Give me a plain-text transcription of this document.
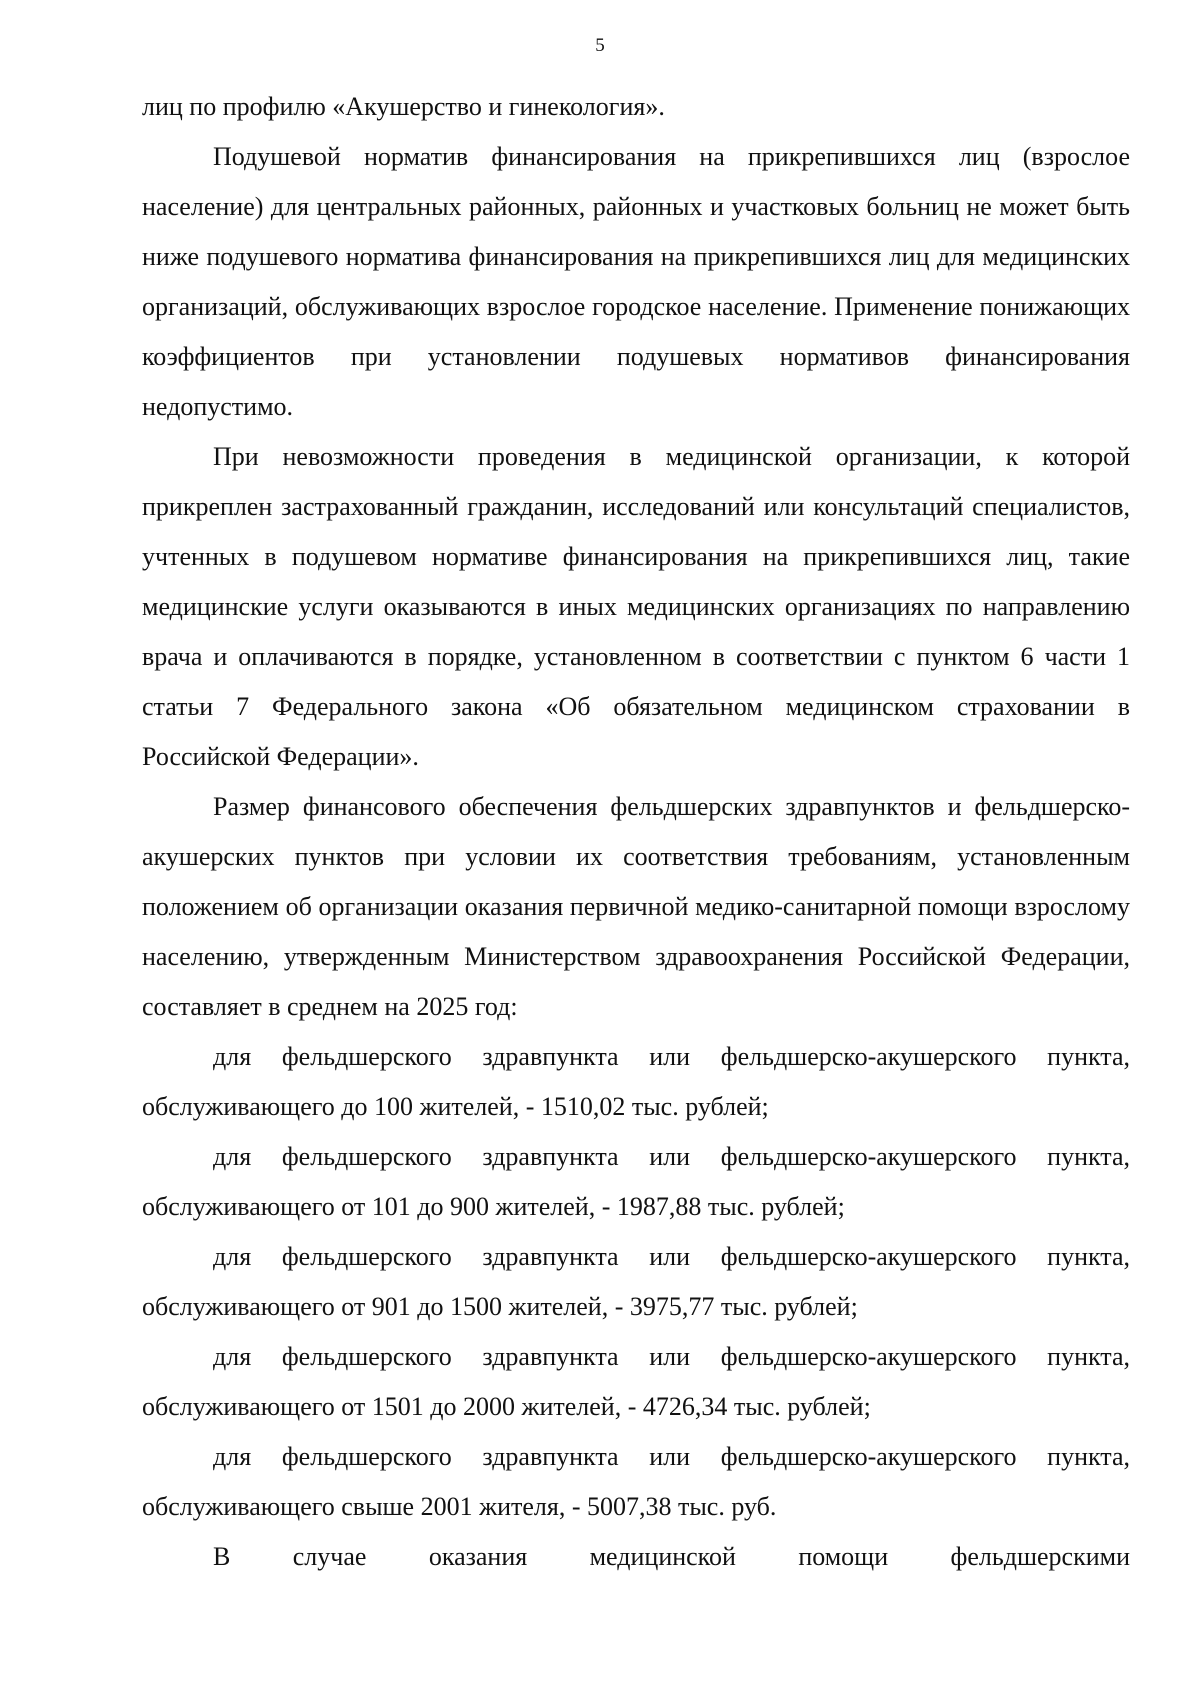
5

лиц по профилю «Акушерство и гинекология».

Подушевой норматив финансирования на прикрепившихся лиц (взрослое население) для центральных районных, районных и участковых больниц не может быть ниже подушевого норматива финансирования на прикрепившихся лиц для медицинских организаций, обслуживающих взрослое городское население. Применение понижающих коэффициентов при установлении подушевых нормативов финансирования недопустимо.

При невозможности проведения в медицинской организации, к которой прикреплен застрахованный гражданин, исследований или консультаций специалистов, учтенных в подушевом нормативе финансирования на прикрепившихся лиц, такие медицинские услуги оказываются в иных медицинских организациях по направлению врача и оплачиваются в порядке, установленном в соответствии с пунктом 6 части 1 статьи 7 Федерального закона «Об обязательном медицинском страховании в Российской Федерации».

Размер финансового обеспечения фельдшерских здравпунктов и фельдшерско-акушерских пунктов при условии их соответствия требованиям, установленным положением об организации оказания первичной медико-санитарной помощи взрослому населению, утвержденным Министерством здравоохранения Российской Федерации, составляет в среднем на 2025 год:

для фельдшерского здравпункта или фельдшерско-акушерского пункта, обслуживающего до 100 жителей, - 1510,02 тыс. рублей;

для фельдшерского здравпункта или фельдшерско-акушерского пункта, обслуживающего от 101 до 900 жителей, - 1987,88 тыс. рублей;

для фельдшерского здравпункта или фельдшерско-акушерского пункта, обслуживающего от 901 до 1500 жителей, - 3975,77 тыс. рублей;

для фельдшерского здравпункта или фельдшерско-акушерского пункта, обслуживающего от 1501 до 2000 жителей, - 4726,34 тыс. рублей;

для фельдшерского здравпункта или фельдшерско-акушерского пункта, обслуживающего свыше 2001 жителя, - 5007,38 тыс. руб.

В случае оказания медицинской помощи фельдшерскими
